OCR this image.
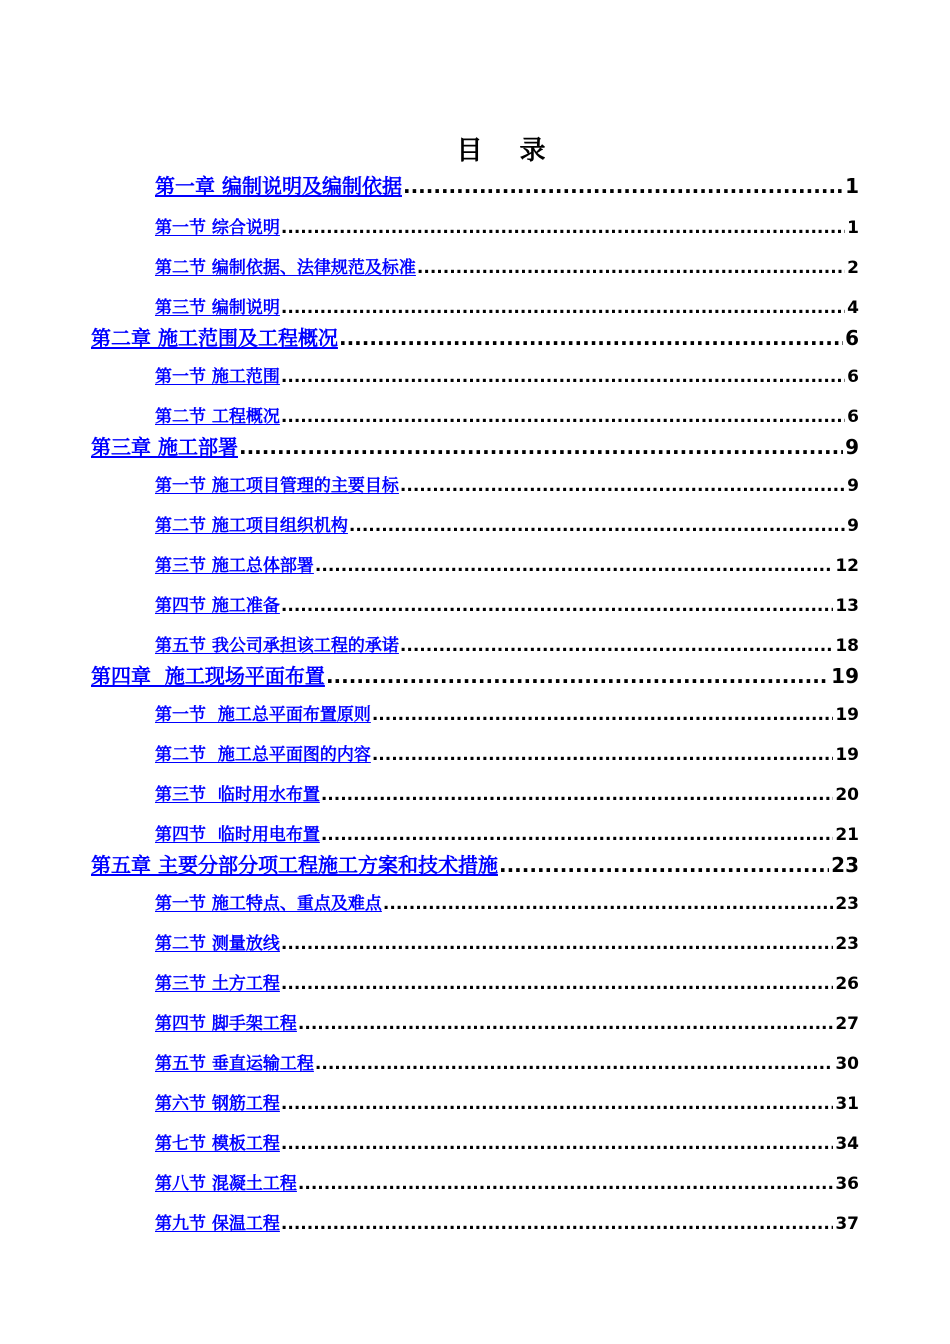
目 录
第一章 编制说明及编制依据 .....	1
第一节 综合说明 .....	1
第二节 编制依据、法律规范及标准 .....	2
第三节 编制说明 .....	4
第二章 施工范围及工程概况 .....	6
第一节 施工范围 .....	6
第二节 工程概况 .....	6
第三章 施工部署 .....	9
第一节 施工项目管理的主要目标 .....	9
第二节 施工项目组织机构 .....	9
第三节 施工总体部署 .....	12
第四节 施工准备 .....	13
第五节 我公司承担该工程的承诺 .....	18
第四章  施工现场平面布置 .....	19
第一节  施工总平面布置原则 .....	19
第二节  施工总平面图的内容 .....	19
第三节  临时用水布置 .....	20
第四节  临时用电布置 .....	21
第五章 主要分部分项工程施工方案和技术措施 .....	23
第一节 施工特点、重点及难点 .....	23
第二节 测量放线 .....	23
第三节 土方工程 .....	26
第四节 脚手架工程 .....	27
第五节 垂直运输工程 .....	30
第六节 钢筋工程 .....	31
第七节 模板工程 .....	34
第八节 混凝土工程 .....	36
第九节 保温工程 .....	37
